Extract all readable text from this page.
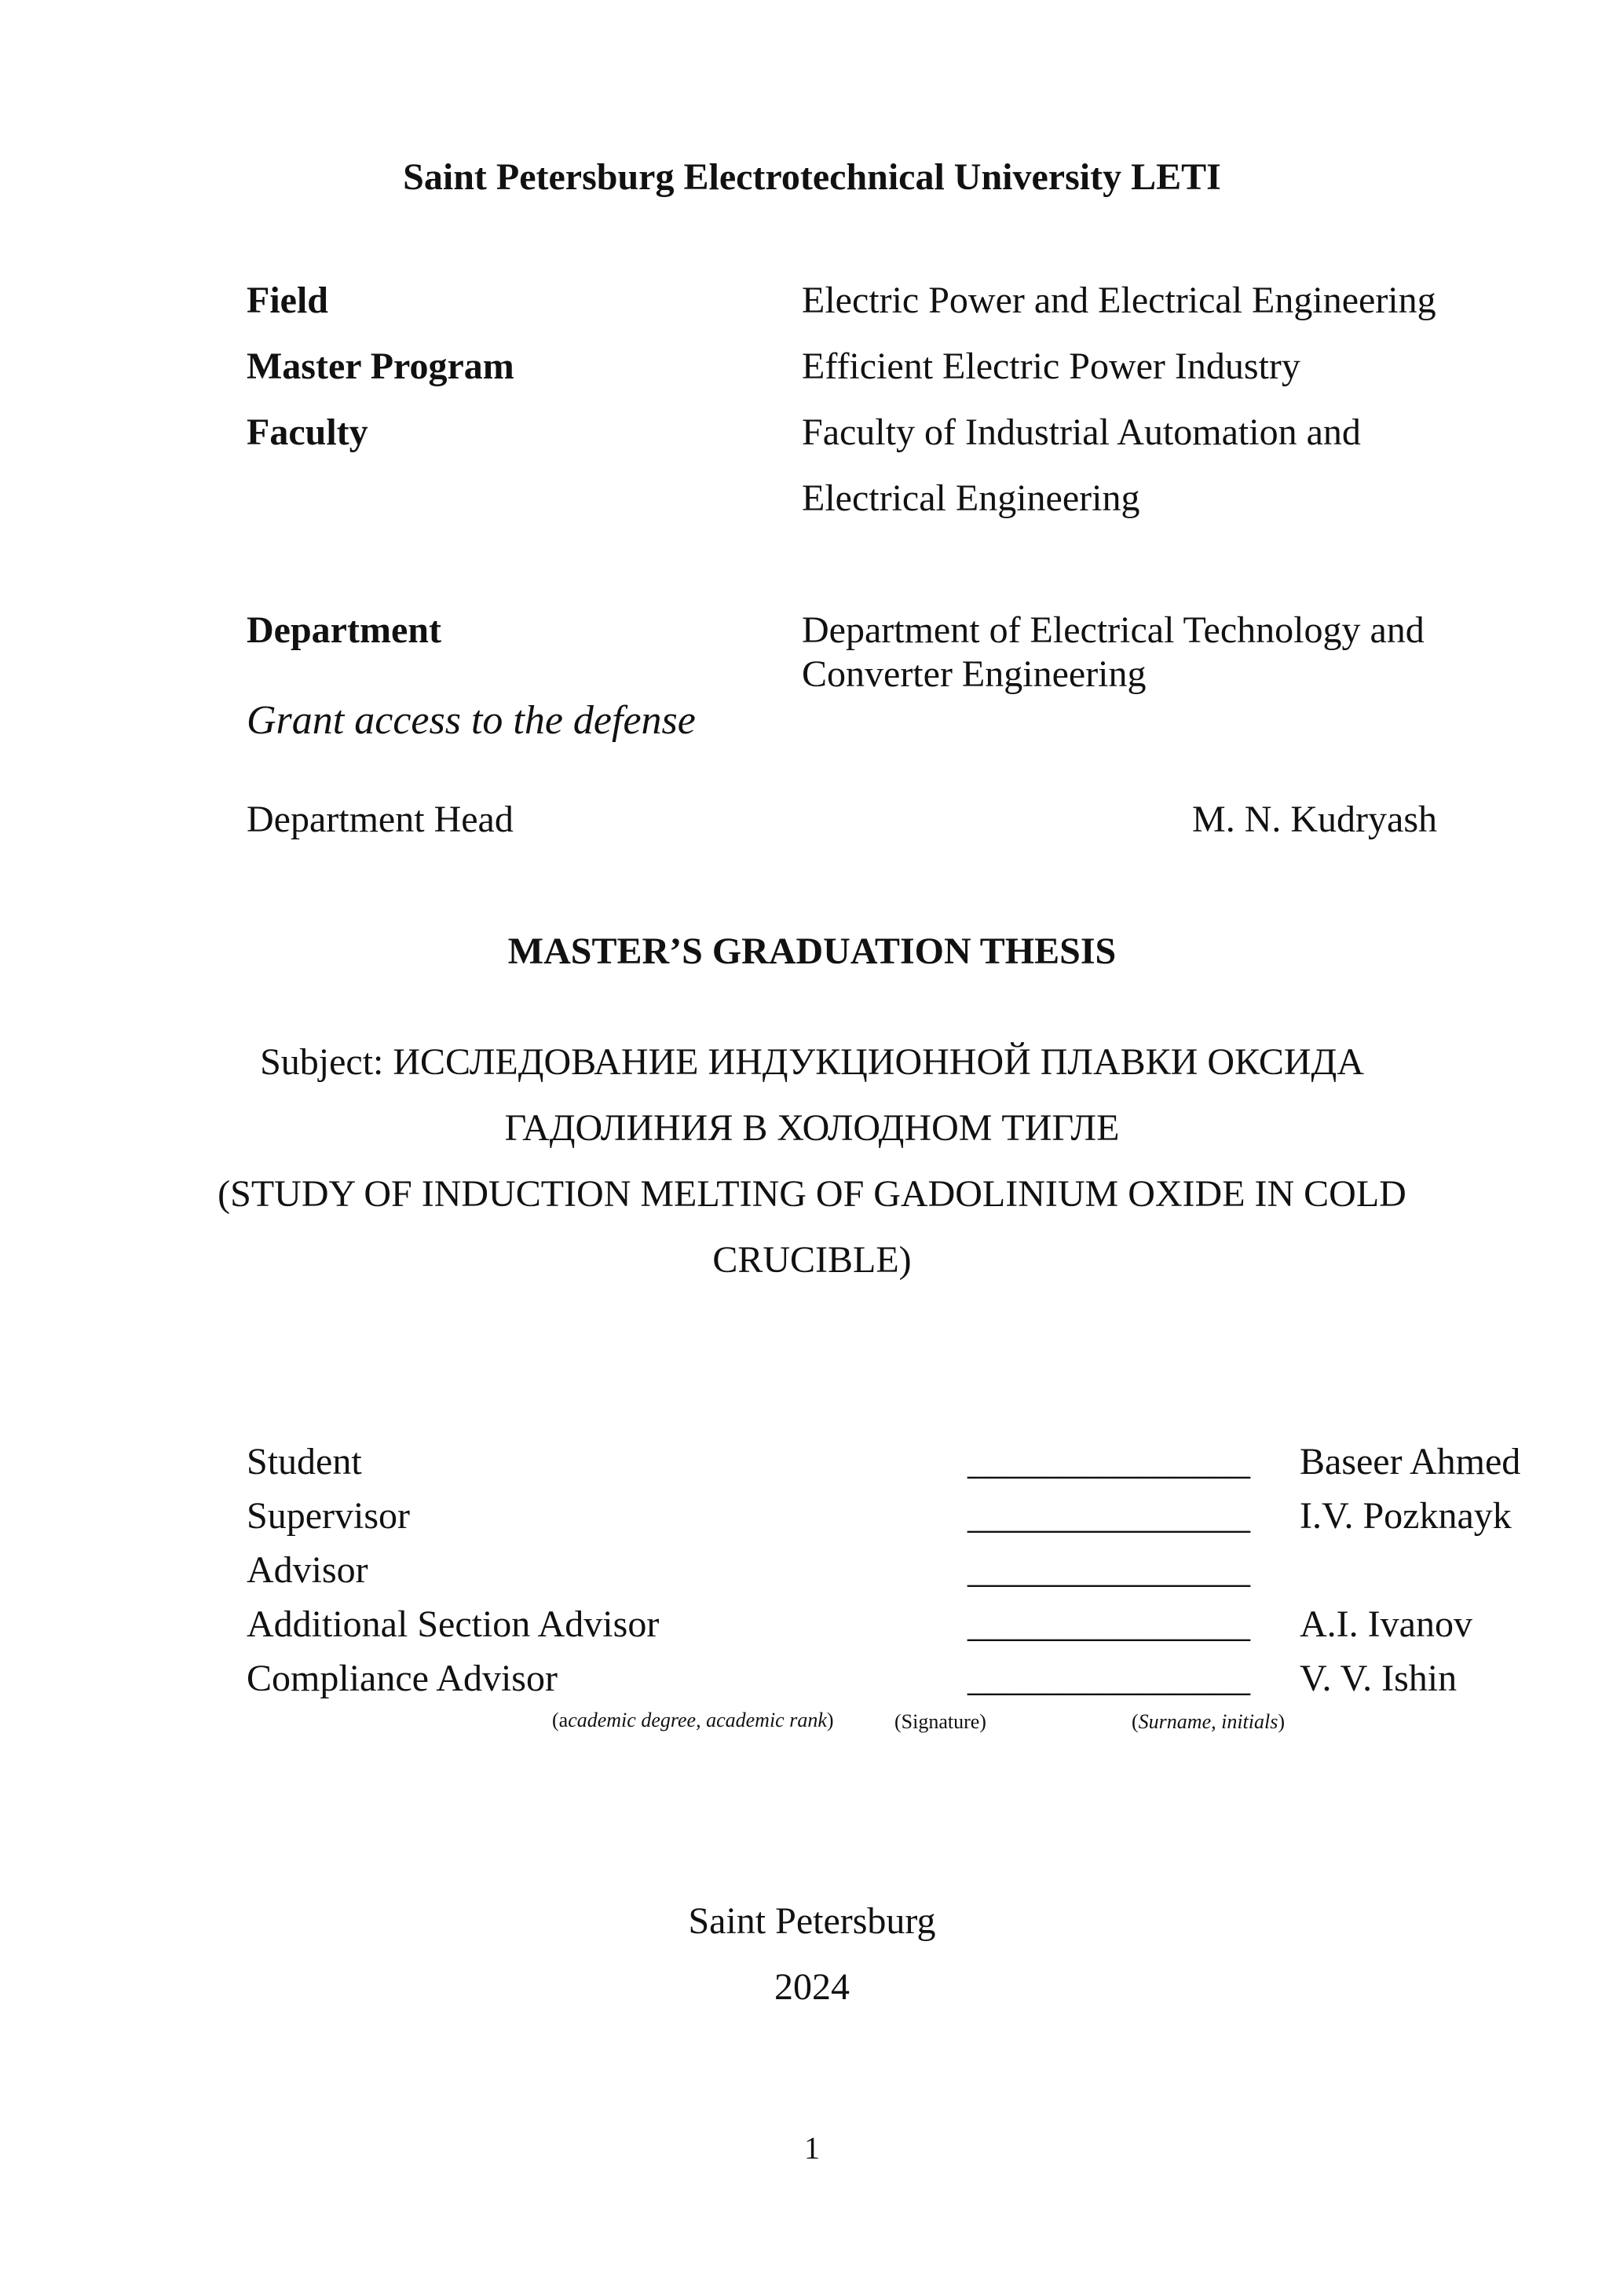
Saint Petersburg Electrotechnical University LETI
Field	Electric Power and Electrical Engineering
Master Program	Efficient Electric Power Industry
Faculty	Faculty of Industrial Automation and
Electrical Engineering
Department	Department of Electrical Technology and
Converter Engineering
Grant access to the defense
Department Head	M. N. Kudryash
MASTER’S GRADUATION THESIS
Subject: ИССЛЕДОВАНИЕ ИНДУКЦИОННОЙ ПЛАВКИ ОКСИДА
ГАДОЛИНИЯ В ХОЛОДНОМ ТИГЛЕ
(STUDY OF INDUCTION MELTING OF GADOLINIUM OXIDE IN COLD
CRUCIBLE)
Student	_______________ Baseer Ahmed
Supervisor	_______________ I.V. Pozknayk
Advisor	_______________
Additional Section Advisor	_______________ A.I. Ivanov
Compliance Advisor	_______________ V. V. Ishin
(academic degree, academic rank)	(Signature)	(Surname, initials)
Saint Petersburg
2024
1
